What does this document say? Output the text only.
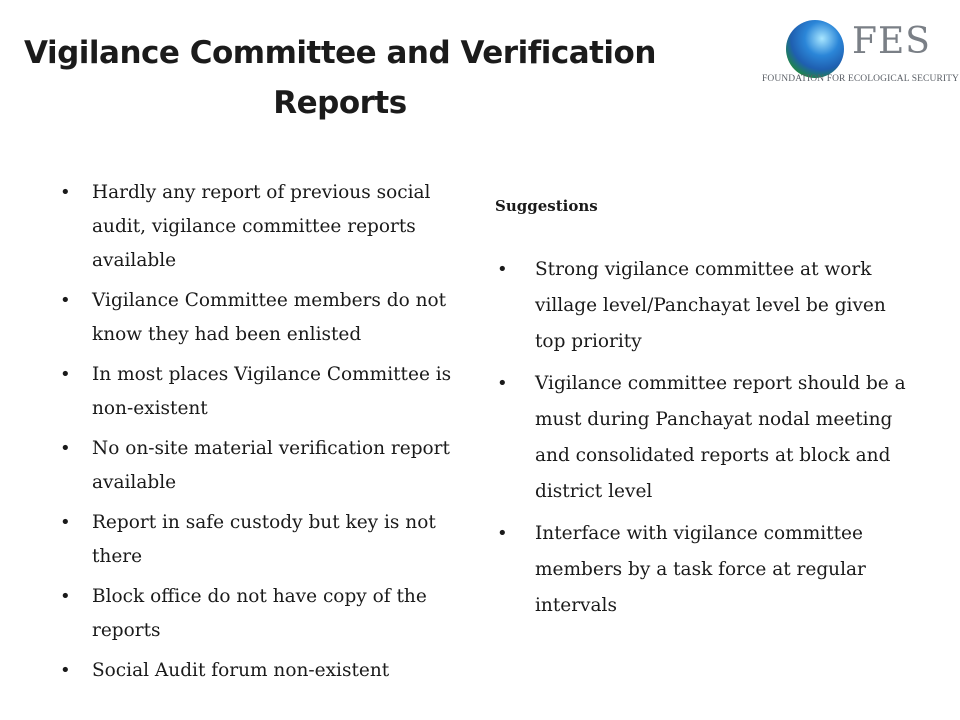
Vigilance Committee and Verification
Reports
FES
FOUNDATION FOR ECOLOGICAL SECURITY
• Hardly any report of previous social audit, vigilance committee reports available
• Vigilance Committee members do not know they had been enlisted
• In most places Vigilance Committee is non-existent
• No on-site material verification report available
• Report in safe custody but key is not there
• Block office do not have copy of the reports
• Social Audit forum non-existent
Suggestions
• Strong vigilance committee at work village level/Panchayat level be given top priority
• Vigilance committee report should be a must during Panchayat nodal meeting and consolidated reports at block and district level
• Interface with vigilance committee members by a task force at regular intervals
